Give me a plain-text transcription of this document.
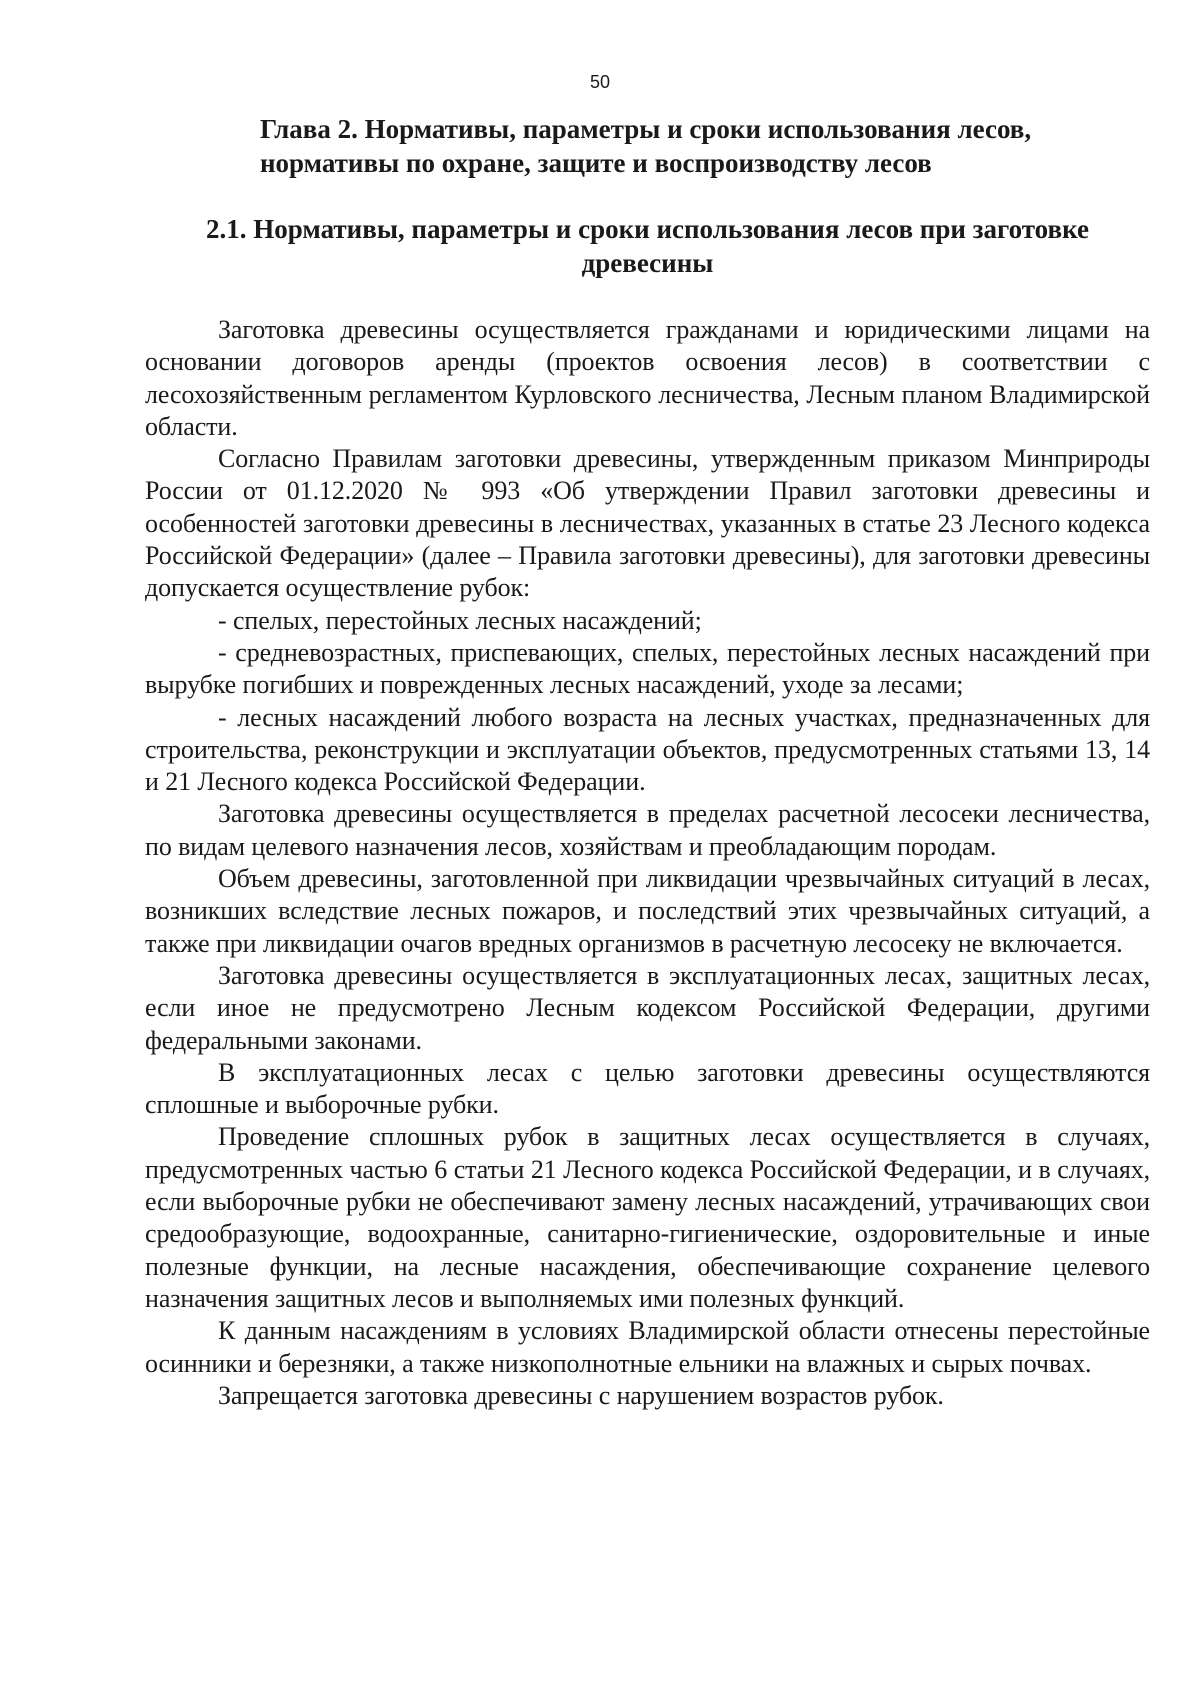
50
Глава 2. Нормативы, параметры и сроки использования лесов, нормативы по охране, защите и воспроизводству лесов
2.1. Нормативы, параметры и сроки использования лесов при заготовке древесины

Заготовка древесины осуществляется гражданами и юридическими лицами на основании договоров аренды (проектов освоения лесов) в соответствии с лесохозяйственным регламентом Курловского лесничества, Лесным планом Владимирской области.

Согласно Правилам заготовки древесины, утвержденным приказом Минприроды России от 01.12.2020 № 993 «Об утверждении Правил заготовки древесины и особенностей заготовки древесины в лесничествах, указанных в статье 23 Лесного кодекса Российской Федерации» (далее – Правила заготовки древесины), для заготовки древесины допускается осуществление рубок:

- спелых, перестойных лесных насаждений;

- средневозрастных, приспевающих, спелых, перестойных лесных насаждений при вырубке погибших и поврежденных лесных насаждений, уходе за лесами;

- лесных насаждений любого возраста на лесных участках, предназначенных для строительства, реконструкции и эксплуатации объектов, предусмотренных статьями 13, 14 и 21 Лесного кодекса Российской Федерации.

Заготовка древесины осуществляется в пределах расчетной лесосеки лесничества, по видам целевого назначения лесов, хозяйствам и преобладающим породам.

Объем древесины, заготовленной при ликвидации чрезвычайных ситуаций в лесах, возникших вследствие лесных пожаров, и последствий этих чрезвычайных ситуаций, а также при ликвидации очагов вредных организмов в расчетную лесосеку не включается.

Заготовка древесины осуществляется в эксплуатационных лесах, защитных лесах, если иное не предусмотрено Лесным кодексом Российской Федерации, другими федеральными законами.

В эксплуатационных лесах с целью заготовки древесины осуществляются сплошные и выборочные рубки.

Проведение сплошных рубок в защитных лесах осуществляется в случаях, предусмотренных частью 6 статьи 21 Лесного кодекса Российской Федерации, и в случаях, если выборочные рубки не обеспечивают замену лесных насаждений, утрачивающих свои средообразующие, водоохранные, санитарно-гигиенические, оздоровительные и иные полезные функции, на лесные насаждения, обеспечивающие сохранение целевого назначения защитных лесов и выполняемых ими полезных функций.

К данным насаждениям в условиях Владимирской области отнесены перестойные осинники и березняки, а также низкополнотные ельники на влажных и сырых почвах.

Запрещается заготовка древесины с нарушением возрастов рубок.
